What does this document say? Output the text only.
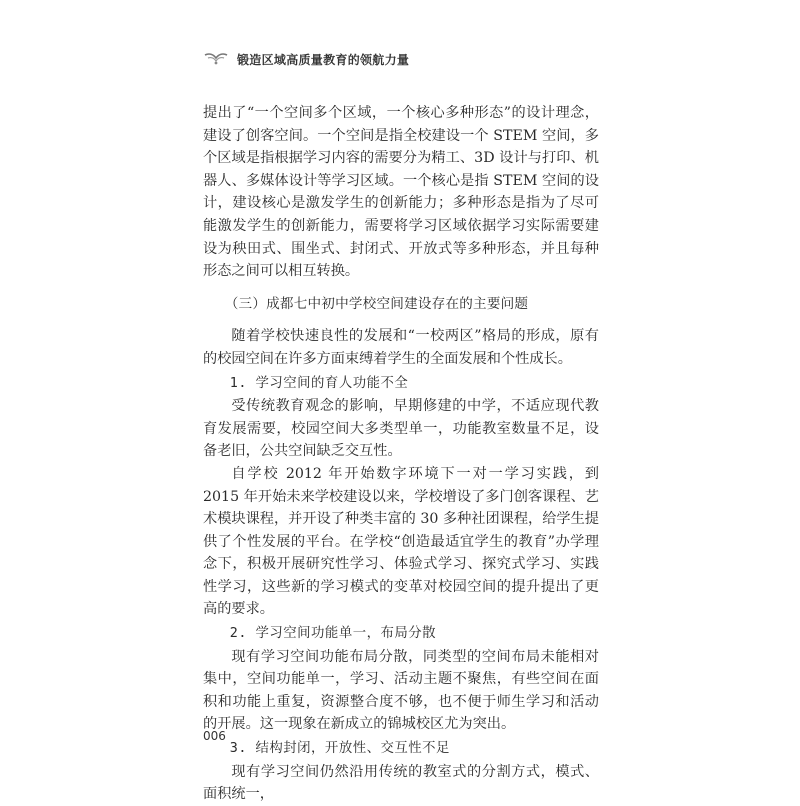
锻造区域高质量教育的领航力量

提出了“一个空间多个区域，一个核心多种形态”的设计理念，建设了创客空间。一个空间是指全校建设一个 STEM 空间，多个区域是指根据学习内容的需要分为精工、3D 设计与打印、机器人、多媒体设计等学习区域。一个核心是指 STEM 空间的设计，建设核心是激发学生的创新能力；多种形态是指为了尽可能激发学生的创新能力，需要将学习区域依据学习实际需要建设为秧田式、围坐式、封闭式、开放式等多种形态，并且每种形态之间可以相互转换。

（三）成都七中初中学校空间建设存在的主要问题

随着学校快速良性的发展和“一校两区”格局的形成，原有的校园空间在许多方面束缚着学生的全面发展和个性成长。

1. 学习空间的育人功能不全

受传统教育观念的影响，早期修建的中学，不适应现代教育发展需要，校园空间大多类型单一，功能教室数量不足，设备老旧，公共空间缺乏交互性。

自学校 2012 年开始数字环境下一对一学习实践，到 2015 年开始未来学校建设以来，学校增设了多门创客课程、艺术模块课程，并开设了种类丰富的 30 多种社团课程，给学生提供了个性发展的平台。在学校“创造最适宜学生的教育”办学理念下，积极开展研究性学习、体验式学习、探究式学习、实践性学习，这些新的学习模式的变革对校园空间的提升提出了更高的要求。

2. 学习空间功能单一，布局分散

现有学习空间功能布局分散，同类型的空间布局未能相对集中，空间功能单一，学习、活动主题不聚焦，有些空间在面积和功能上重复，资源整合度不够，也不便于师生学习和活动的开展。这一现象在新成立的锦城校区尤为突出。

3. 结构封闭，开放性、交互性不足

现有学习空间仍然沿用传统的教室式的分割方式，模式、面积统一，

006
